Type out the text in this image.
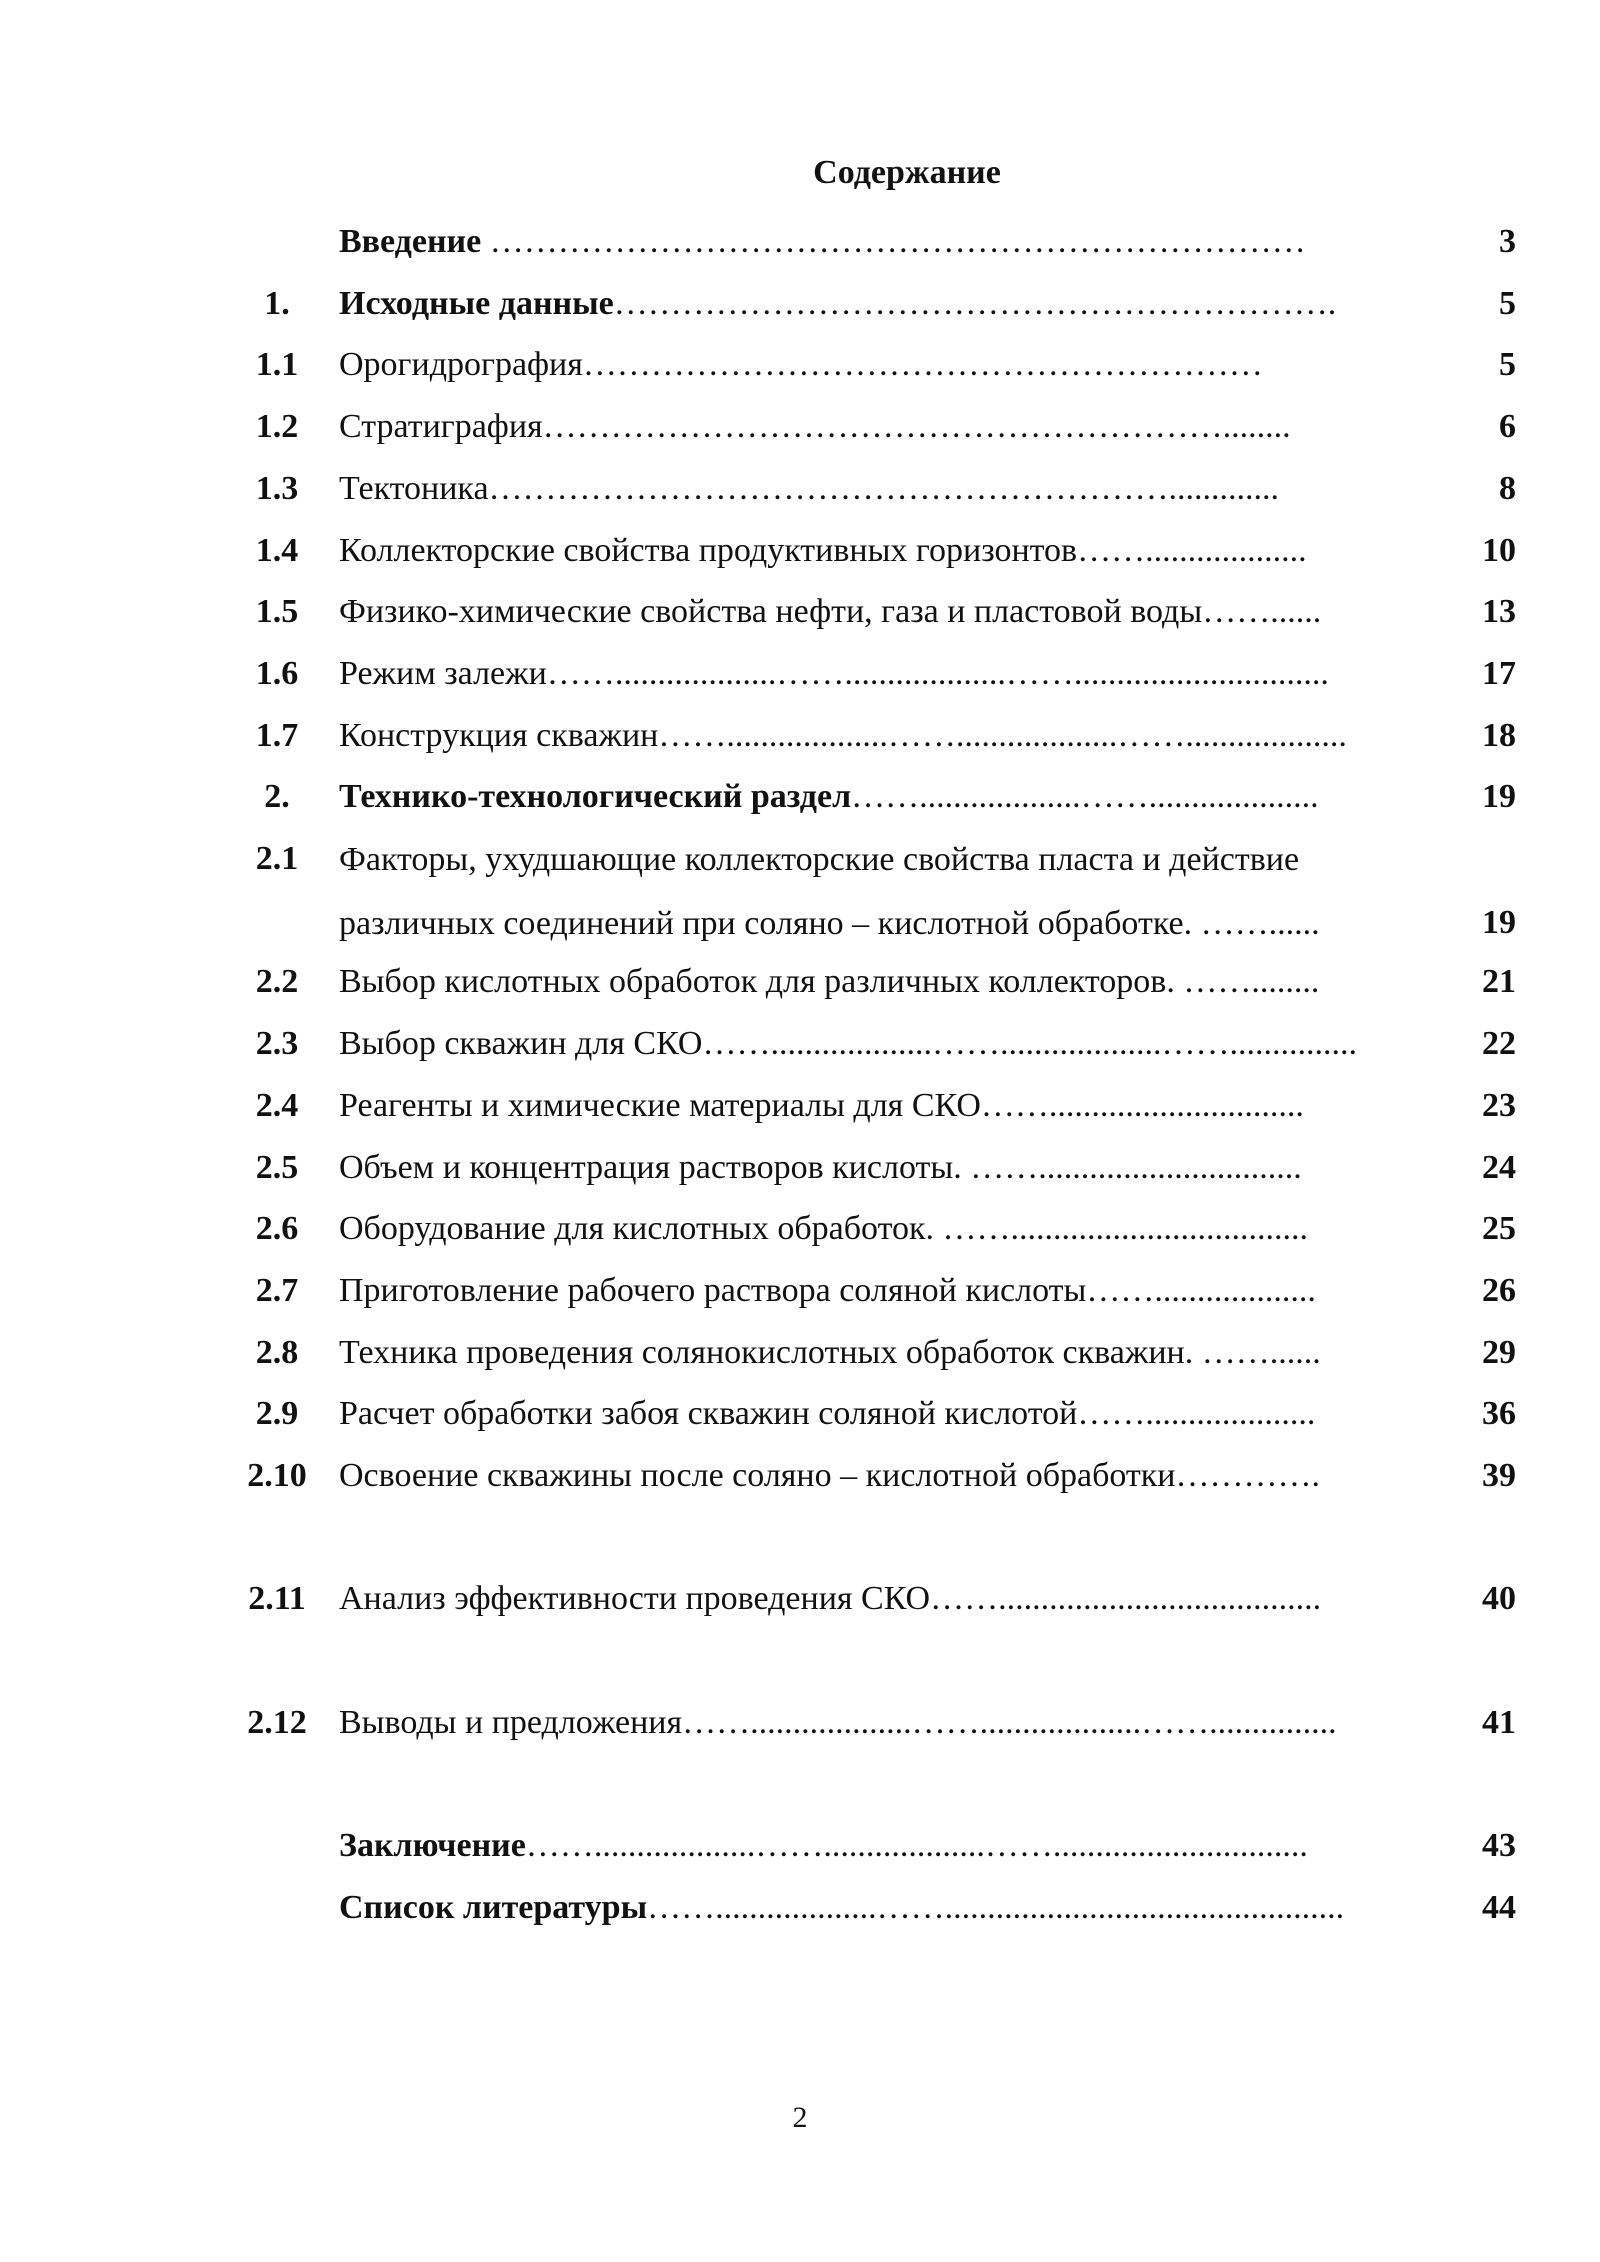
Содержание
Введение ………………………………………………………………	3
1.	Исходные данные……………………………………………………….	5
1.1	Орогидрография……………………………………………………	5
1.2	Стратиграфия……………………………………………………........	6
1.3	Тектоника…………………………………………………….............	8
1.4	Коллекторские свойства продуктивных горизонтов……...................	10
1.5	Физико-химические свойства нефти, газа и пластовой воды……......	13
1.6	Режим залежи……...................……...................……..............................	17
1.7	Конструкция скважин……...................……...................……...................	18
2.	Технико-технологический раздел……...................……....................	19
2.1	Факторы, ухудшающие коллекторские свойства пласта и действие различных соединений при соляно – кислотной обработке. ……......	19
2.2	Выбор кислотных обработок для различных коллекторов. ……........	21
2.3	Выбор скважин для СКО……...................……...................……...............	22
2.4	Реагенты и химические материалы для СКО……..............................	23
2.5	Объем и концентрация растворов кислоты. ……...............................	24
2.6	Оборудование для кислотных обработок. ……...................................	25
2.7	Приготовление рабочего раствора соляной кислоты……...................	26
2.8	Техника проведения солянокислотных обработок скважин. ……......	29
2.9	Расчет обработки забоя скважин соляной кислотой……....................	36
2.10 Освоение скважины после соляно – кислотной обработки………….	39
2.11 Анализ эффективности проведения СКО……......................................	40
2.12 Выводы и предложения……...................……...................……...............	41
Заключение……...................……...................……..............................	43
Список литературы……...................……...............................................	44
2
